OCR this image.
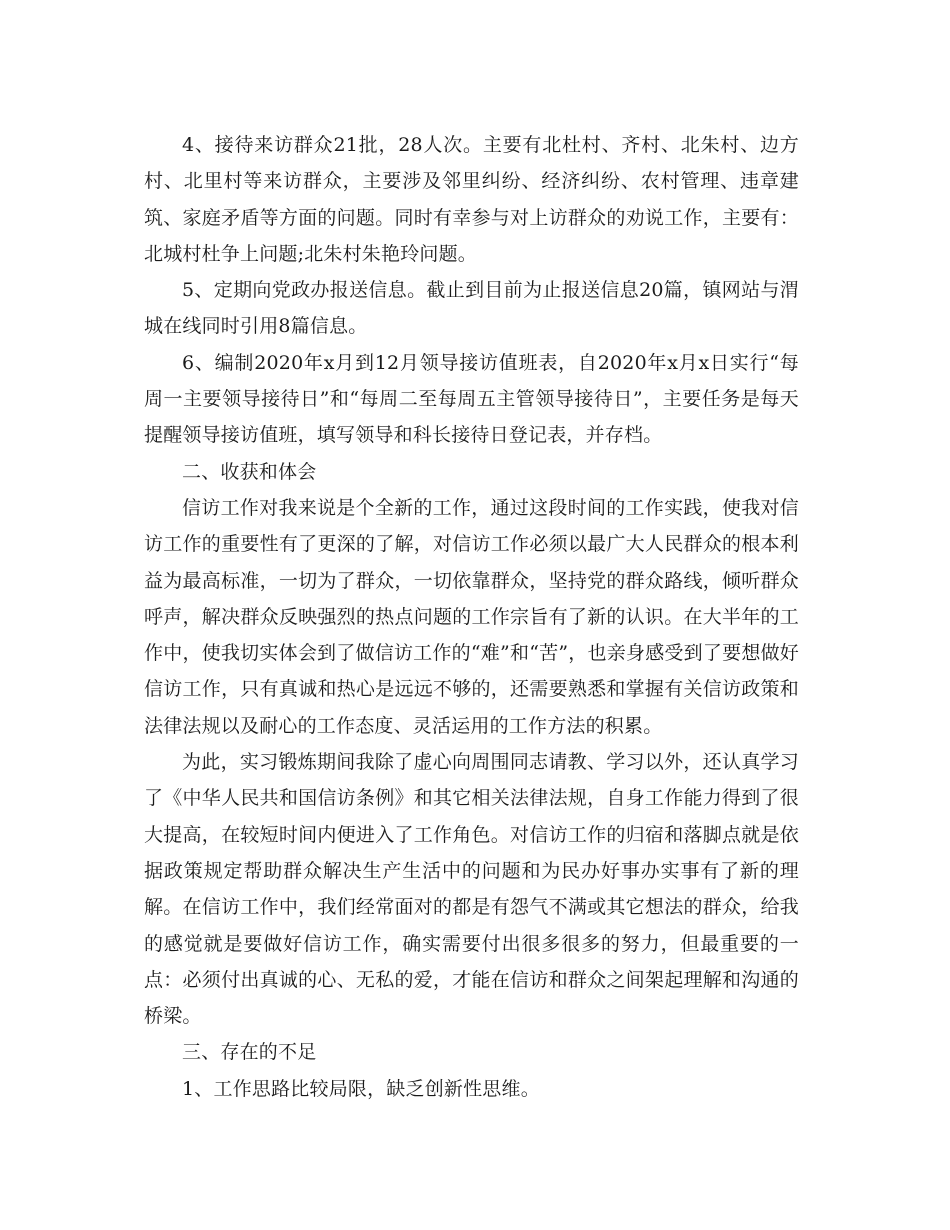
4、接待来访群众21批，28人次。主要有北杜村、齐村、北朱村、边方村、北里村等来访群众，主要涉及邻里纠纷、经济纠纷、农村管理、违章建筑、家庭矛盾等方面的问题。同时有幸参与对上访群众的劝说工作，主要有：北城村杜争上问题;北朱村朱艳玲问题。

5、定期向党政办报送信息。截止到目前为止报送信息20篇，镇网站与渭城在线同时引用8篇信息。

6、编制2020年x月到12月领导接访值班表，自2020年x月x日实行“每周一主要领导接待日”和“每周二至每周五主管领导接待日”，主要任务是每天提醒领导接访值班，填写领导和科长接待日登记表，并存档。

二、收获和体会

信访工作对我来说是个全新的工作，通过这段时间的工作实践，使我对信访工作的重要性有了更深的了解，对信访工作必须以最广大人民群众的根本利益为最高标准，一切为了群众，一切依靠群众，坚持党的群众路线，倾听群众呼声，解决群众反映强烈的热点问题的工作宗旨有了新的认识。在大半年的工作中，使我切实体会到了做信访工作的“难”和“苦”，也亲身感受到了要想做好信访工作，只有真诚和热心是远远不够的，还需要熟悉和掌握有关信访政策和法律法规以及耐心的工作态度、灵活运用的工作方法的积累。

为此，实习锻炼期间我除了虚心向周围同志请教、学习以外，还认真学习了《中华人民共和国信访条例》和其它相关法律法规，自身工作能力得到了很大提高，在较短时间内便进入了工作角色。对信访工作的归宿和落脚点就是依据政策规定帮助群众解决生产生活中的问题和为民办好事办实事有了新的理解。在信访工作中，我们经常面对的都是有怨气不满或其它想法的群众，给我的感觉就是要做好信访工作，确实需要付出很多很多的努力，但最重要的一点：必须付出真诚的心、无私的爱，才能在信访和群众之间架起理解和沟通的桥梁。

三、存在的不足

1、工作思路比较局限，缺乏创新性思维。
